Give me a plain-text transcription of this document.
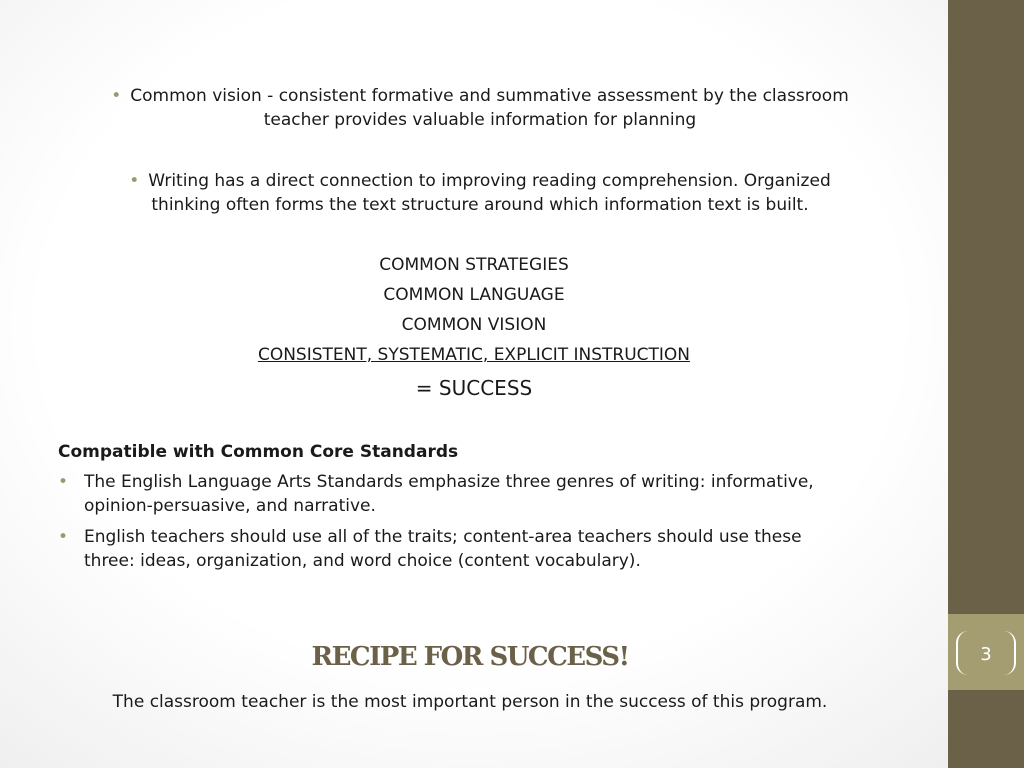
3
• Common vision - consistent formative and summative assessment by the classroom
teacher provides valuable information for planning
• Writing has a direct connection to improving reading comprehension. Organized
thinking often forms the text structure around which information text is built.
COMMON STRATEGIES
COMMON LANGUAGE
COMMON VISION
CONSISTENT, SYSTEMATIC, EXPLICIT INSTRUCTION
= SUCCESS
Compatible with Common Core Standards
• The English Language Arts Standards emphasize three genres of writing: informative,
opinion-persuasive, and narrative.
• English teachers should use all of the traits; content-area teachers should use these
three: ideas, organization, and word choice (content vocabulary).
RECIPE FOR SUCCESS!
The classroom teacher is the most important person in the success of this program.
